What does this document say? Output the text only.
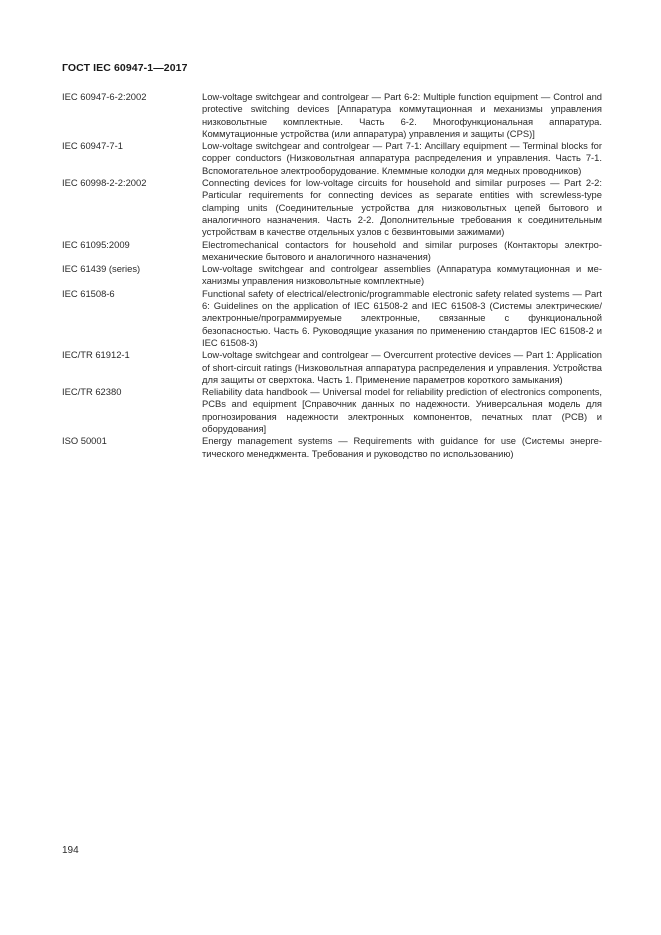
ГОСТ IEC 60947-1—2017
IEC 60947-6-2:2002	Low-voltage switchgear and controlgear — Part 6-2: Multiple function equipment — Control and protective switching devices [Аппаратура коммутационная и механизмы управления низковольтные комплектные. Часть 6-2. Многофункциональная аппаратура. Коммутационные устройства (или аппаратура) управления и защиты (CPS)]
IEC 60947-7-1	Low-voltage switchgear and controlgear — Part 7-1: Ancillary equipment — Terminal blocks for copper conductors (Низковольтная аппаратура распределения и управления. Часть 7-1. Вспомогательное электрооборудование. Клеммные колодки для медных проводников)
IEC 60998-2-2:2002	Connecting devices for low-voltage circuits for household and similar purposes — Part 2-2: Particular requirements for connecting devices as separate entities with screwless-type clamping units (Соединительные устройства для низковольтных цепей бытового и аналогичного назначения. Часть 2-2. Дополнительные требования к соединительным устройствам в качестве отдельных узлов с безвинтовыми зажимами)
IEC 61095:2009	Electromechanical contactors for household and similar purposes (Контакторы электромеханические бытового и аналогичного назначения)
IEC 61439 (series)	Low-voltage switchgear and controlgear assemblies (Аппаратура коммутационная и механизмы управления низковольтные комплектные)
IEC 61508-6	Functional safety of electrical/electronic/programmable electronic safety related systems — Part 6: Guidelines on the application of IEC 61508-2 and IEC 61508-3 (Системы электрические/электронные/программируемые электронные, связанные с функциональной безопасностью. Часть 6. Руководящие указания по применению стандартов IEC 61508-2 и IEC 61508-3)
IEC/TR 61912-1	Low-voltage switchgear and controlgear — Overcurrent protective devices — Part 1: Application of short-circuit ratings (Низковольтная аппаратура распределения и управления. Устройства для защиты от сверхтока. Часть 1. Применение параметров короткого замыкания)
IEC/TR 62380	Reliability data handbook — Universal model for reliability prediction of electronics components, PCBs and equipment [Справочник данных по надежности. Универсальная модель для прогнозирования надежности электронных компонентов, печатных плат (PCB) и оборудования]
ISO 50001	Energy management systems — Requirements with guidance for use (Системы энергетического менеджмента. Требования и руководство по использованию)
194
